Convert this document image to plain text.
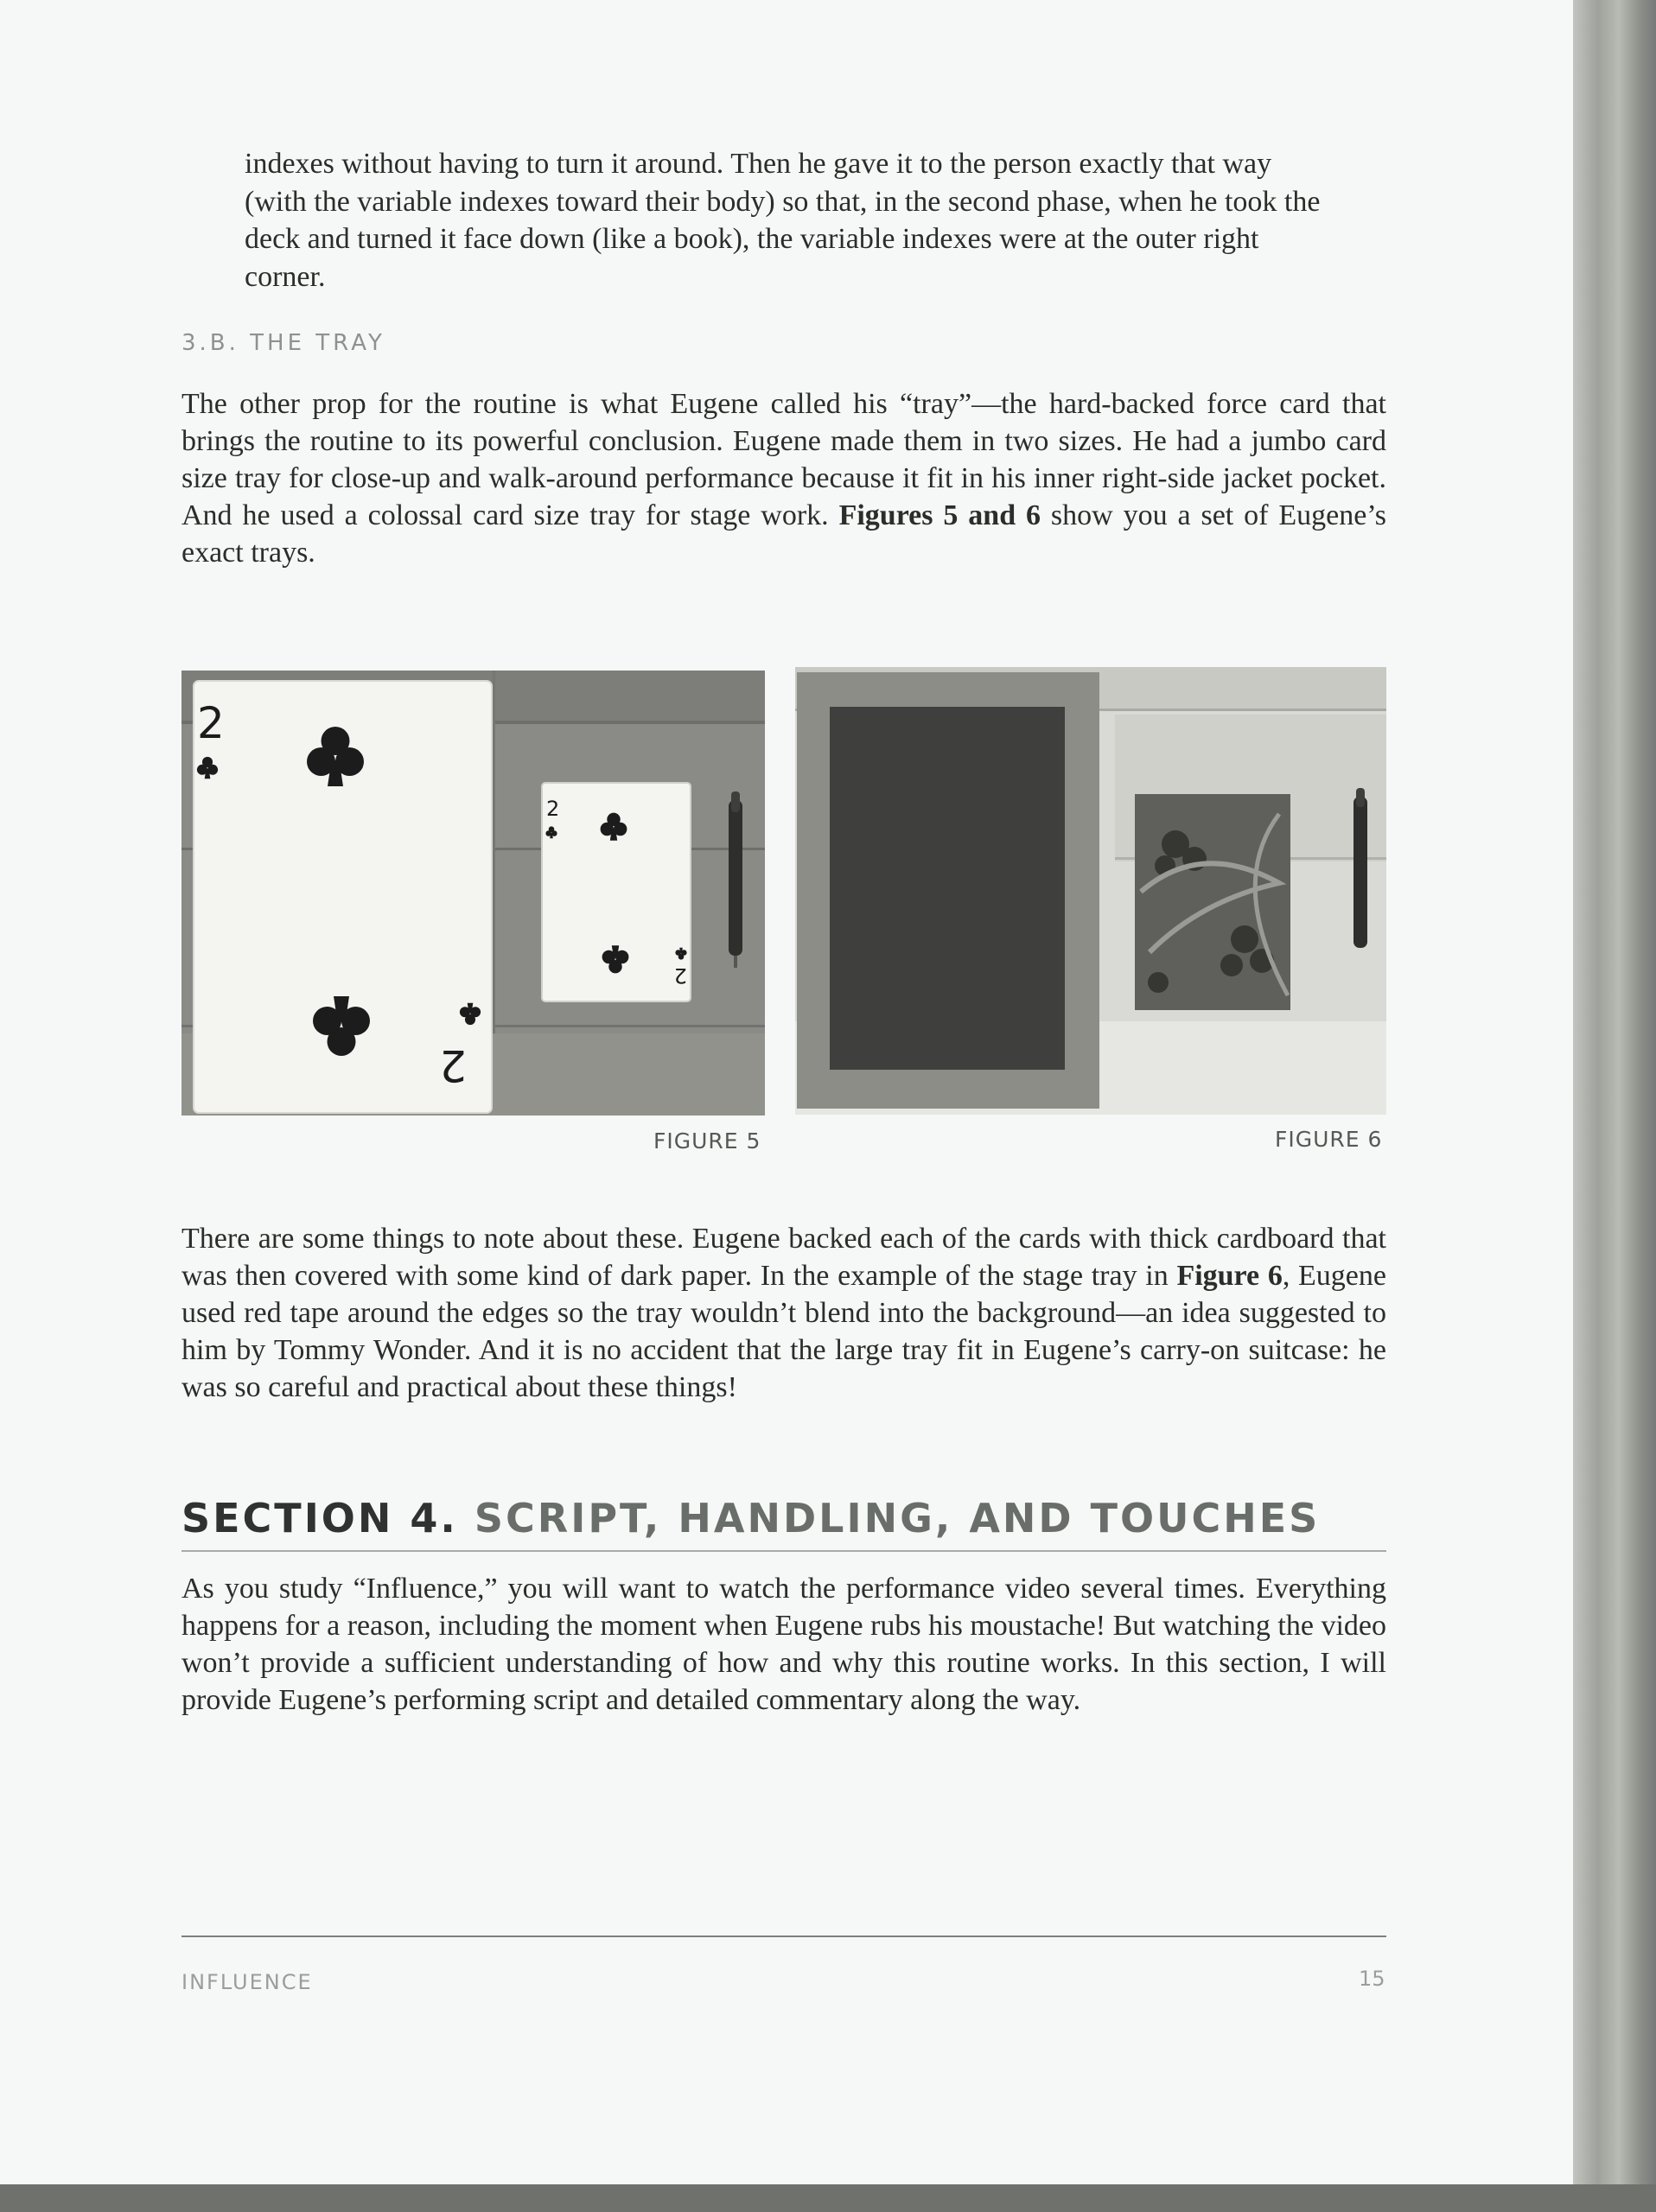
indexes without having to turn it around. Then he gave it to the person exactly that way (with the variable indexes toward their body) so that, in the second phase, when he took the deck and turned it face down (like a book), the variable indexes were at the outer right corner.

3.B. THE TRAY

The other prop for the routine is what Eugene called his “tray”—the hard-backed force card that brings the routine to its powerful conclusion. Eugene made them in two sizes. He had a jumbo card size tray for close-up and walk-around performance because it fit in his inner right-side jacket pocket. And he used a colossal card size tray for stage work. Figures 5 and 6 show you a set of Eugene’s exact trays.

2
2
2
2
FIGURE 5	FIGURE 6

There are some things to note about these. Eugene backed each of the cards with thick cardboard that was then covered with some kind of dark paper. In the example of the stage tray in Figure 6, Eugene used red tape around the edges so the tray wouldn’t blend into the background—an idea suggested to him by Tommy Wonder. And it is no accident that the large tray fit in Eugene’s carry-on suitcase: he was so careful and practical about these things!

SECTION 4. SCRIPT, HANDLING, AND TOUCHES

As you study “Influence,” you will want to watch the performance video several times. Everything happens for a reason, including the moment when Eugene rubs his moustache! But watching the video won’t provide a sufficient understanding of how and why this routine works. In this section, I will provide Eugene’s performing script and detailed commentary along the way.

INFLUENCE	15
